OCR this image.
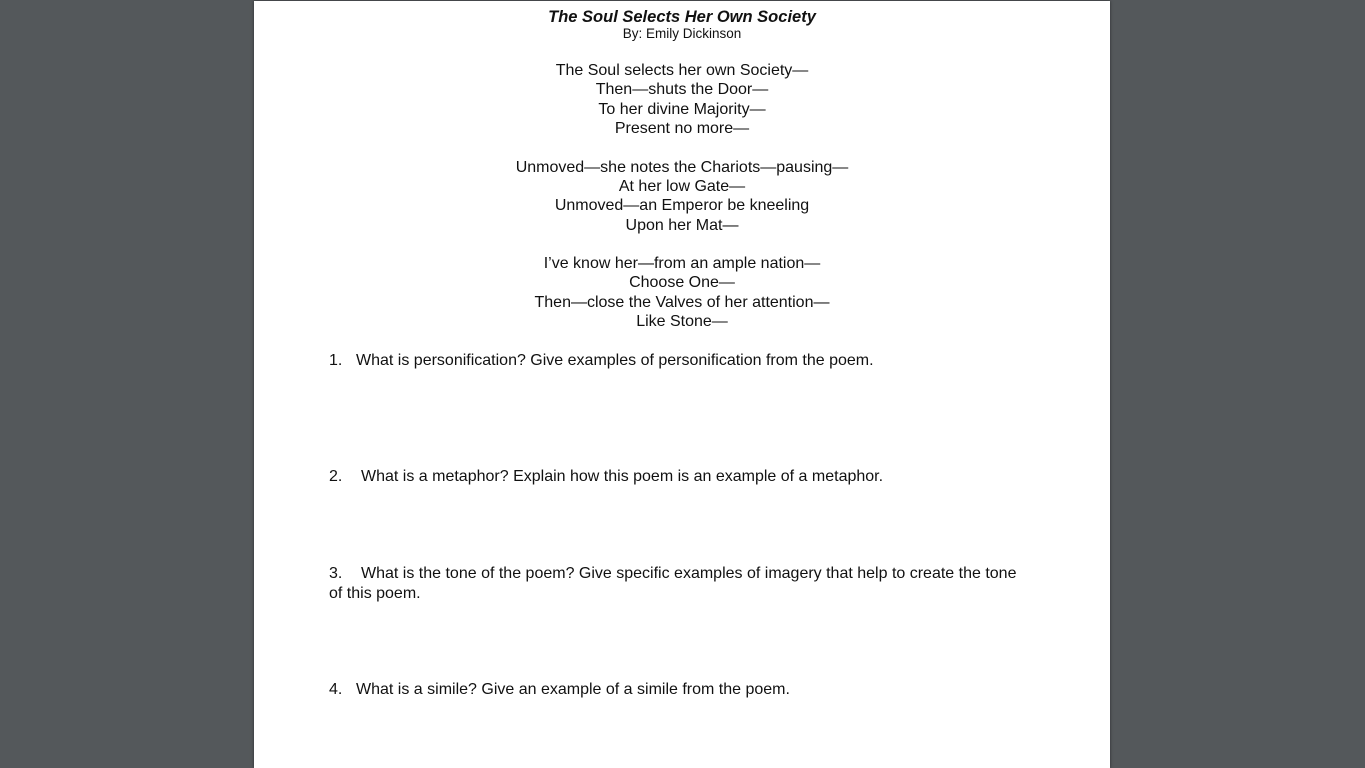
The Soul Selects Her Own Society
By: Emily Dickinson
The Soul selects her own Society—
Then—shuts the Door—
To her divine Majority—
Present no more—
Unmoved—she notes the Chariots—pausing—
At her low Gate—
Unmoved—an Emperor be kneeling
Upon her Mat—
I’ve know her—from an ample nation—
Choose One—
Then—close the Valves of her attention—
Like Stone—
1. What is personification? Give examples of personification from the poem.
2. What is a metaphor? Explain how this poem is an example of a metaphor.
3. What is the tone of the poem? Give specific examples of imagery that help to create the tone of this poem.
4. What is a simile? Give an example of a simile from the poem.
